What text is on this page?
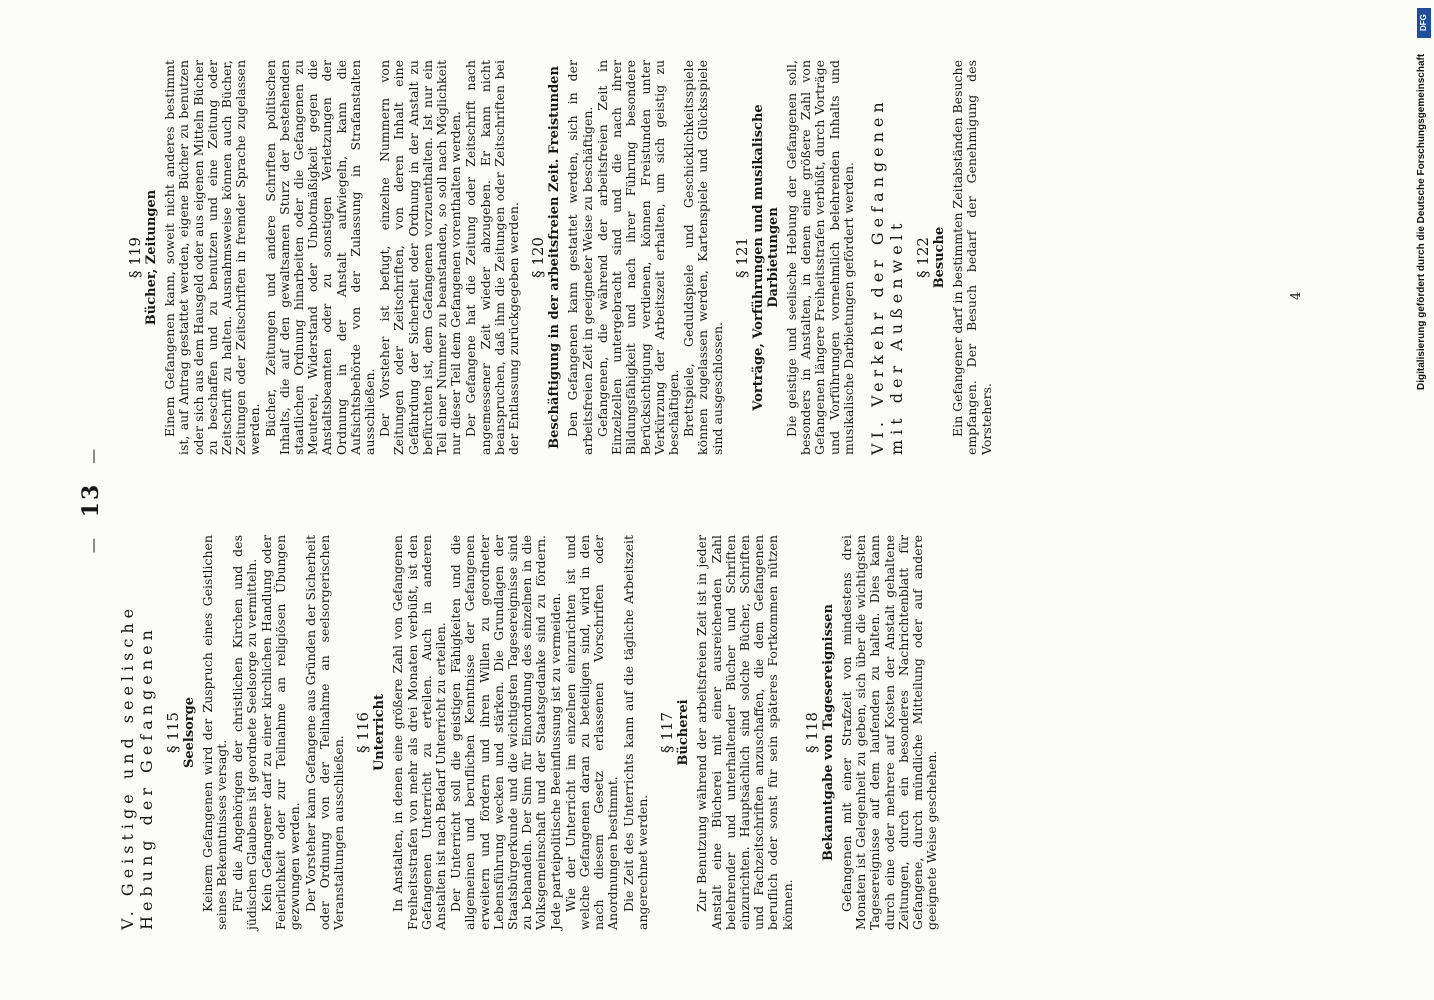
— 13 —
V. Geistige und seelische Hebung der Gefangenen § 115 Seelsorge Keinem Gefangenen wird der Zuspruch eines Geistlichen seines Bekenntnisses versagt. Für die Angehörigen der christlichen Kirchen und des jüdischen Glaubens ist geordnete Seelsorge zu vermitteln. Kein Gefangener darf zu einer kirchlichen Handlung oder Feierlichkeit oder zur Teilnahme an religiösen Übungen gezwungen werden. Der Vorsteher kann Gefangene aus Gründen der Sicherheit oder Ordnung von der Teilnahme an seelsorgerischen Veranstaltungen ausschließen.
§ 116 Unterricht In Anstalten, in denen eine größere Zahl von Gefangenen Freiheitsstrafen von mehr als drei Monaten verbüßt, ist den Gefangenen Unterricht zu erteilen. Auch in anderen Anstalten ist nach Bedarf Unterricht zu erteilen. Der Unterricht soll die geistigen Fähigkeiten und die allgemeinen und beruflichen Kenntnisse der Gefangenen erweitern und fördern und ihren Willen zu geordneter Lebensführung wecken und stärken. Die Grundlagen der Staatsbürgerkunde und die wichtigsten Tagesereignisse sind zu behandeln. Der Sinn für Einordnung des einzelnen in die Volksgemeinschaft und der Staatsgedanke sind zu fördern. Jede parteipolitische Beeinflussung ist zu vermeiden. Wie der Unterricht im einzelnen einzurichten ist und welche Gefangenen daran zu beteiligen sind, wird in den nach diesem Gesetz erlassenen Vorschriften oder Anordnungen bestimmt. Die Zeit des Unterrichts kann auf die tägliche Arbeitszeit angerechnet werden.
§ 117 Bücherei Zur Benutzung während der arbeitsfreien Zeit ist in jeder Anstalt eine Bücherei mit einer ausreichenden Zahl belehrender und unterhaltender Bücher und Schriften einzurichten. Hauptsächlich sind solche Bücher, Schriften und Fachzeitschriften anzuschaffen, die dem Gefangenen beruflich oder sonst für sein späteres Fortkommen nützen können.
§ 118 Bekanntgabe von Tagesereignissen Gefangenen mit einer Strafzeit von mindestens drei Monaten ist Gelegenheit zu geben, sich über die wichtigsten Tagesereignisse auf dem laufenden zu halten. Dies kann durch eine oder mehrere auf Kosten der Anstalt gehaltene Zeitungen, durch ein besonderes Nachrichtenblatt für Gefangene, durch mündliche Mitteilung oder auf andere geeignete Weise geschehen.
§ 119 Bücher, Zeitungen Einem Gefangenen kann, soweit nicht anderes bestimmt ist, auf Antrag gestattet werden, eigene Bücher zu benutzen oder sich aus dem Hausgeld oder aus eigenen Mitteln Bücher zu beschaffen und zu benutzen und eine Zeitung oder Zeitschrift zu halten. Ausnahmsweise können auch Bücher, Zeitungen oder Zeitschriften in fremder Sprache zugelassen werden. Bücher, Zeitungen und andere Schriften politischen Inhalts, die auf den gewaltsamen Sturz der bestehenden staatlichen Ordnung hinarbeiten oder die Gefangenen zu Meuterei, Widerstand oder Unbotmäßigkeit gegen die Anstaltsbeamten oder zu sonstigen Verletzungen der Ordnung in der Anstalt aufwiegeln, kann die Aufsichtsbehörde von der Zulassung in Strafanstalten ausschließen. Der Vorsteher ist befugt, einzelne Nummern von Zeitungen oder Zeitschriften, von deren Inhalt eine Gefährdung der Sicherheit oder Ordnung in der Anstalt zu befürchten ist, dem Gefangenen vorzuenthalten. Ist nur ein Teil einer Nummer zu beanstanden, so soll nach Möglichkeit nur dieser Teil dem Gefangenen vorenthalten werden. Der Gefangene hat die Zeitung oder Zeitschrift nach angemessener Zeit wieder abzugeben. Er kann nicht beanspruchen, daß ihm die Zeitungen oder Zeitschriften bei der Entlassung zurückgegeben werden. § 120 Beschäftigung in der arbeitsfreien Zeit. Freistunden Den Gefangenen kann gestattet werden, sich in der arbeitsfreien Zeit in geeigneter Weise zu beschäftigen. Gefangenen, die während der arbeitsfreien Zeit in Einzelzellen untergebracht sind und die nach ihrer Bildungsfähigkeit und nach ihrer Führung besondere Berücksichtigung verdienen, können Freistunden unter Verkürzung der Arbeitszeit erhalten, um sich geistig zu beschäftigen. Brettspiele, Geduldspiele und Geschicklichkeitsspiele können zugelassen werden, Kartenspiele und Glücksspiele sind ausgeschlossen.
§ 121 Vorträge, Vorführungen und musikalische Darbietungen Die geistige und seelische Hebung der Gefangenen soll, besonders in Anstalten, in denen eine größere Zahl von Gefangenen längere Freiheitsstrafen verbüßt, durch Vorträge und Vorführungen vornehmlich belehrenden Inhalts und musikalische Darbietungen gefördert werden. VI. Verkehr der Gefangenen mit der Außenwelt § 122 Besuche Ein Gefangener darf in bestimmten Zeitabständen Besuche empfangen. Der Besuch bedarf der Genehmigung des Vorstehers.
4	Digitalisierung gefördert durch die Deutsche Forschungsgemeinschaft
DFG
